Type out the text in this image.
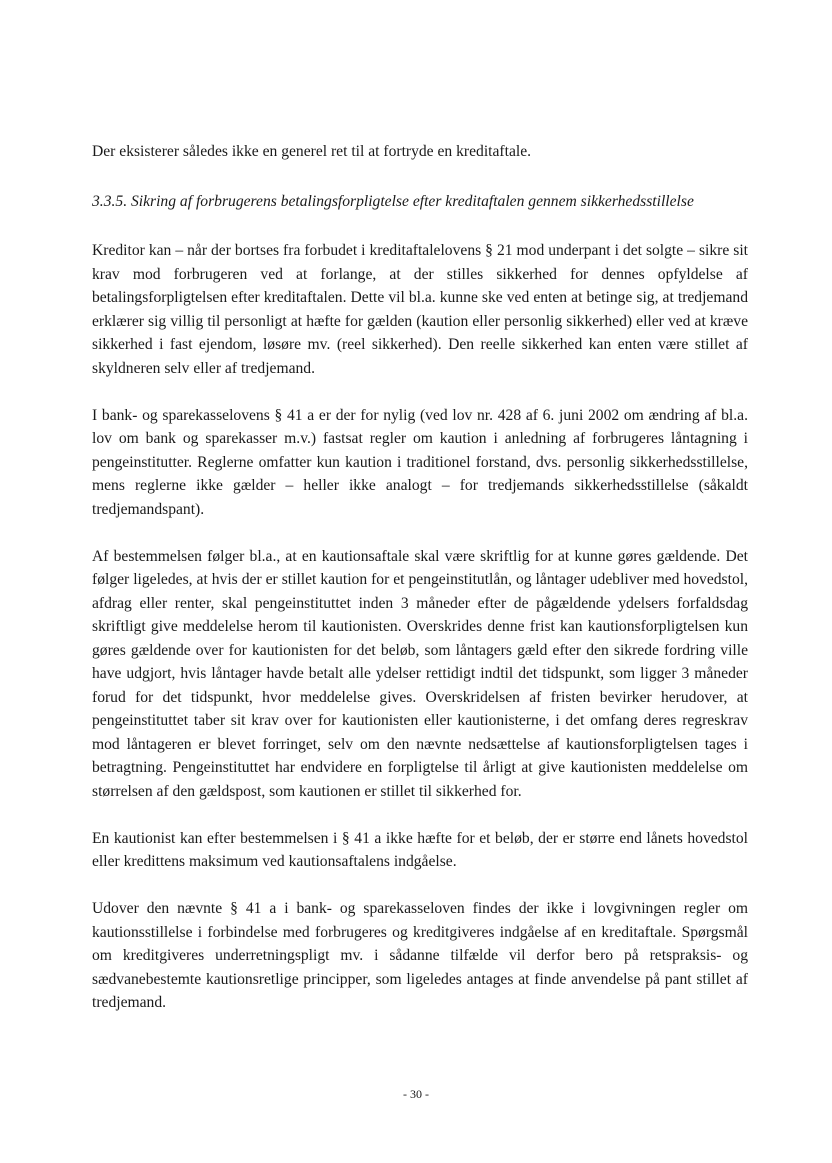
Der eksisterer således ikke en generel ret til at fortryde en kreditaftale.

3.3.5. Sikring af forbrugerens betalingsforpligtelse efter kreditaftalen gennem sikkerhedsstillelse

Kreditor kan – når der bortses fra forbudet i kreditaftalelovens § 21 mod underpant i det solgte – sikre sit krav mod forbrugeren ved at forlange, at der stilles sikkerhed for dennes opfyldelse af betalingsforpligtelsen efter kreditaftalen. Dette vil bl.a. kunne ske ved enten at betinge sig, at tredjemand erklærer sig villig til personligt at hæfte for gælden (kaution eller personlig sikkerhed) eller ved at kræve sikkerhed i fast ejendom, løsøre mv. (reel sikkerhed). Den reelle sikkerhed kan enten være stillet af skyldneren selv eller af tredjemand.

I bank- og sparekasselovens § 41 a er der for nylig (ved lov nr. 428 af 6. juni 2002 om ændring af bl.a. lov om bank og sparekasser m.v.) fastsat regler om kaution i anledning af forbrugeres låntagning i pengeinstitutter. Reglerne omfatter kun kaution i traditionel forstand, dvs. personlig sikkerhedsstillelse, mens reglerne ikke gælder – heller ikke analogt – for tredjemands sikkerhedsstillelse (såkaldt tredjemandspant).

Af bestemmelsen følger bl.a., at en kautionsaftale skal være skriftlig for at kunne gøres gældende. Det følger ligeledes, at hvis der er stillet kaution for et pengeinstitutlån, og låntager udebliver med hovedstol, afdrag eller renter, skal pengeinstituttet inden 3 måneder efter de pågældende ydelsers forfaldsdag skriftligt give meddelelse herom til kautionisten. Overskrides denne frist kan kautionsforpligtelsen kun gøres gældende over for kautionisten for det beløb, som låntagers gæld efter den sikrede fordring ville have udgjort, hvis låntager havde betalt alle ydelser rettidigt indtil det tidspunkt, som ligger 3 måneder forud for det tidspunkt, hvor meddelelse gives. Overskridelsen af fristen bevirker herudover, at pengeinstituttet taber sit krav over for kautionisten eller kautionisterne, i det omfang deres regreskrav mod låntageren er blevet forringet, selv om den nævnte nedsættelse af kautionsforpligtelsen tages i betragtning. Pengeinstituttet har endvidere en forpligtelse til årligt at give kautionisten meddelelse om størrelsen af den gældspost, som kautionen er stillet til sikkerhed for.

En kautionist kan efter bestemmelsen i § 41 a ikke hæfte for et beløb, der er større end lånets hovedstol eller kredittens maksimum ved kautionsaftalens indgåelse.

Udover den nævnte § 41 a i bank- og sparekasseloven findes der ikke i lovgivningen regler om kautionsstillelse i forbindelse med forbrugeres og kreditgiveres indgåelse af en kreditaftale. Spørgsmål om kreditgiveres underretningspligt mv. i sådanne tilfælde vil derfor bero på retspraksis- og sædvanebestemte kautionsretlige principper, som ligeledes antages at finde anvendelse på pant stillet af tredjemand.

- 30 -
